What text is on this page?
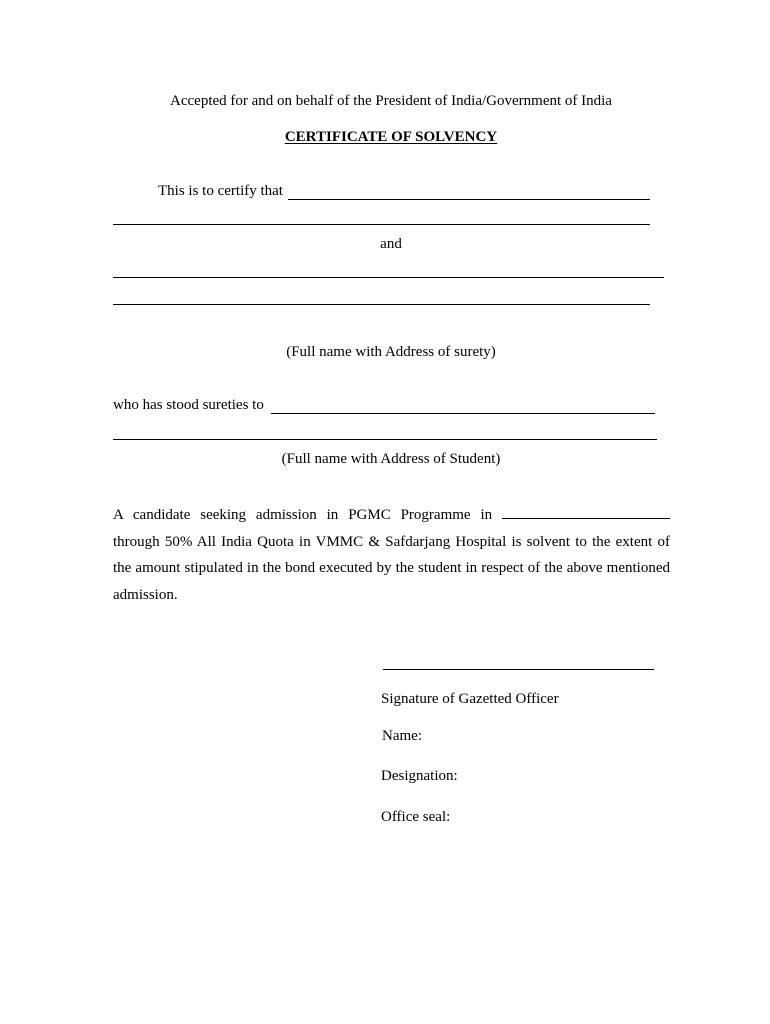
Accepted for and on behalf of the President of India/Government of India
CERTIFICATE OF SOLVENCY
This is to certify that
and
(Full name with Address of surety)
who has stood sureties to
(Full name with Address of Student)
A candidate seeking admission in PGMC Programme in  through 50% All India Quota in VMMC & Safdarjang Hospital is solvent to the extent of the amount stipulated in the bond executed by the student in respect of the above mentioned admission.
Signature of Gazetted Officer
Name:
Designation:
Office seal:
